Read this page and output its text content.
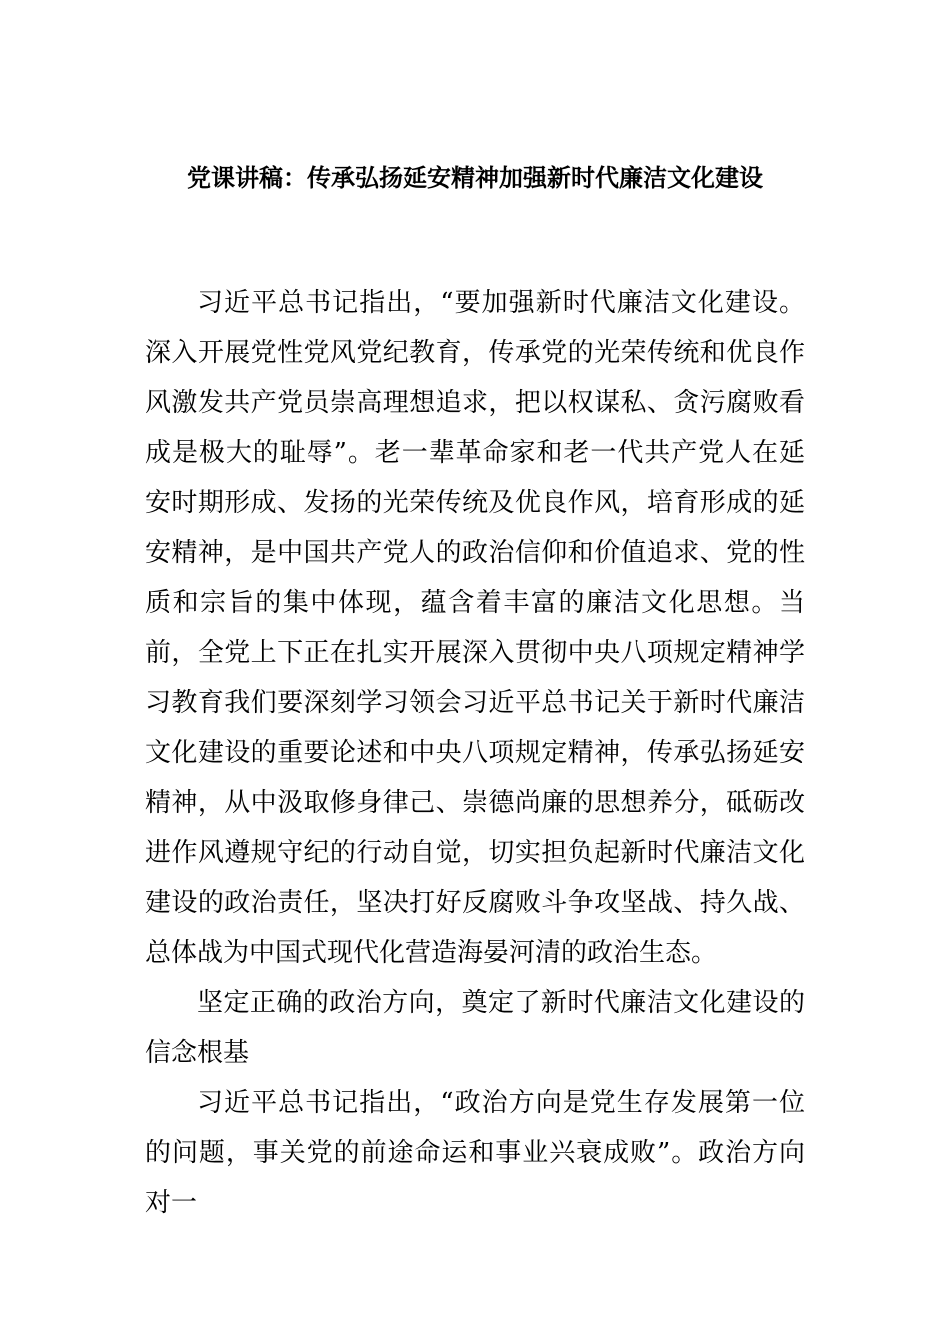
党课讲稿：传承弘扬延安精神加强新时代廉洁文化建设

习近平总书记指出，“要加强新时代廉洁文化建设。深入开展党性党风党纪教育，传承党的光荣传统和优良作风激发共产党员崇高理想追求，把以权谋私、贪污腐败看成是极大的耻辱”。老一辈革命家和老一代共产党人在延安时期形成、发扬的光荣传统及优良作风，培育形成的延安精神，是中国共产党人的政治信仰和价值追求、党的性质和宗旨的集中体现，蕴含着丰富的廉洁文化思想。当前，全党上下正在扎实开展深入贯彻中央八项规定精神学习教育我们要深刻学习领会习近平总书记关于新时代廉洁文化建设的重要论述和中央八项规定精神，传承弘扬延安精神，从中汲取修身律己、崇德尚廉的思想养分，砥砺改进作风遵规守纪的行动自觉，切实担负起新时代廉洁文化建设的政治责任，坚决打好反腐败斗争攻坚战、持久战、总体战为中国式现代化营造海晏河清的政治生态。

坚定正确的政治方向，奠定了新时代廉洁文化建设的信念根基

习近平总书记指出，“政治方向是党生存发展第一位的问题，事关党的前途命运和事业兴衰成败”。政治方向对一
